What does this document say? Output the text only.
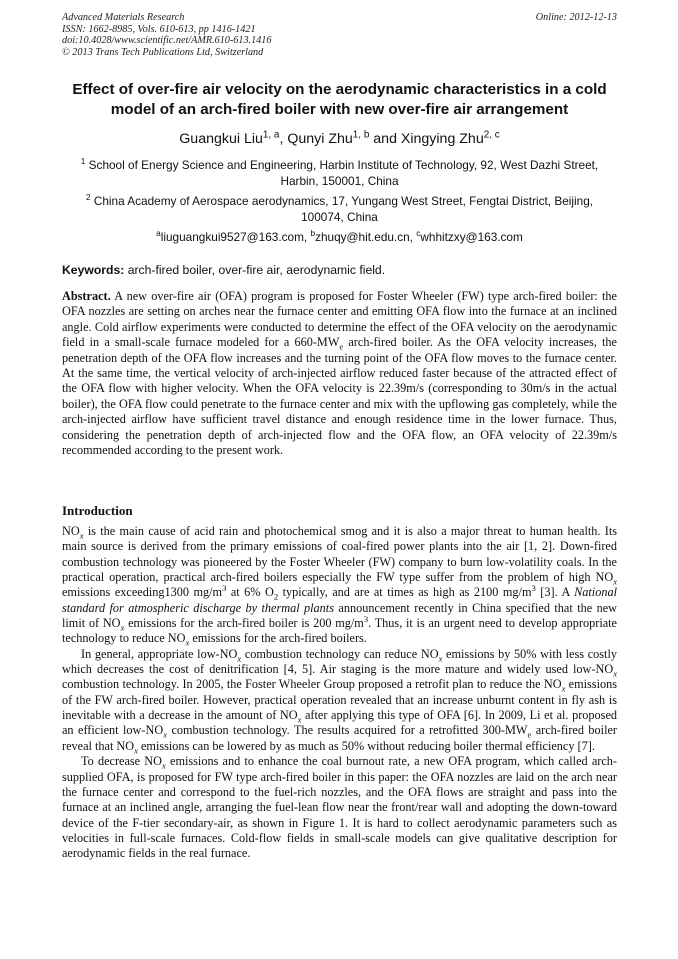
Advanced Materials Research
ISSN: 1662-8985, Vols. 610-613, pp 1416-1421
doi:10.4028/www.scientific.net/AMR.610-613.1416
© 2013 Trans Tech Publications Ltd, Switzerland
Online: 2012-12-13
Effect of over-fire air velocity on the aerodynamic characteristics in a cold model of an arch-fired boiler with new over-fire air arrangement
Guangkui Liu$^{1, a}$, Qunyi Zhu$^{1, b}$ and Xingying Zhu$^{2, c}$
$^1$ School of Energy Science and Engineering, Harbin Institute of Technology, 92, West Dazhi Street,
Harbin, 150001, China
$^2$ China Academy of Aerospace aerodynamics, 17, Yungang West Street, Fengtai District, Beijing,
100074, China
$^a$liuguangkui9527@163.com, $^b$zhuqy@hit.edu.cn, $^c$whhitzxy@163.com
Keywords: arch-fired boiler, over-fire air, aerodynamic field.
Abstract. A new over-fire air (OFA) program is proposed for Foster Wheeler (FW) type arch-fired boiler: the OFA nozzles are setting on arches near the furnace center and emitting OFA flow into the furnace at an inclined angle. Cold airflow experiments were conducted to determine the effect of the OFA velocity on the aerodynamic field in a small-scale furnace modeled for a $660-MW_e$ arch-fired boiler. As the OFA velocity increases, the penetration depth of the OFA flow increases and the turning point of the OFA flow moves to the furnace center. At the same time, the vertical velocity of arch-injected airflow reduced faster because of the attracted effect of the OFA flow with higher velocity. When the OFA velocity is 22.39m/s (corresponding to 30m/s in the actual boiler), the OFA flow could penetrate to the furnace center and mix with the upflowing gas completely, while the arch-injected airflow have sufficient travel distance and enough residence time in the lower furnace. Thus, considering the penetration depth of arch-injected flow and the OFA flow, an OFA velocity of 22.39m/s recommended according to the present work.
Introduction

$NO_x$ is the main cause of acid rain and photochemical smog and it is also a major threat to human health. Its main source is derived from the primary emissions of coal-fired power plants into the air [1, 2]. Down-fired combustion technology was pioneered by the Foster Wheeler (FW) company to burn low-volatility coals. In the practical operation, practical arch-fired boilers especially the FW type suffer from the problem of high $NO_x$ emissions exceeding1300 $mg/m^3$ at 6% $O_2$ typically, and are at times as high as 2100 $mg/m^3$ [3]. A National standard for atmospheric discharge by thermal plants announcement recently in China specified that the new limit of $NO_x$ emissions for the arch-fired boiler is 200 $mg/m^3$. Thus, it is an urgent need to develop appropriate technology to reduce $NO_x$ emissions for the arch-fired boilers.

In general, appropriate low-$NO_x$ combustion technology can reduce $NO_x$ emissions by 50% with less costly which decreases the cost of denitrification [4, 5]. Air staging is the more mature and widely used low-$NO_x$ combustion technology. In 2005, the Foster Wheeler Group proposed a retrofit plan to reduce the $NO_x$ emissions of the FW arch-fired boiler. However, practical operation revealed that an increase unburnt content in fly ash is inevitable with a decrease in the amount of $NO_x$ after applying this type of OFA [6]. In 2009, Li et al. proposed an efficient low-$NO_x$ combustion technology. The results acquired for a retrofitted $300-MW_e$ arch-fired boiler reveal that $NO_x$ emissions can be lowered by as much as 50% without reducing boiler thermal efficiency [7].

To decrease $NO_x$ emissions and to enhance the coal burnout rate, a new OFA program, which called arch-supplied OFA, is proposed for FW type arch-fired boiler in this paper: the OFA nozzles are laid on the arch near the furnace center and correspond to the fuel-rich nozzles, and the OFA flows are straight and pass into the furnace at an inclined angle, arranging the fuel-lean flow near the front/rear wall and adopting the down-toward device of the F-tier secondary-air, as shown in Figure 1. It is hard to collect aerodynamic parameters such as velocities in full-scale furnaces. Cold-flow fields in small-scale models can give qualitative description for aerodynamic fields in the real furnace.
